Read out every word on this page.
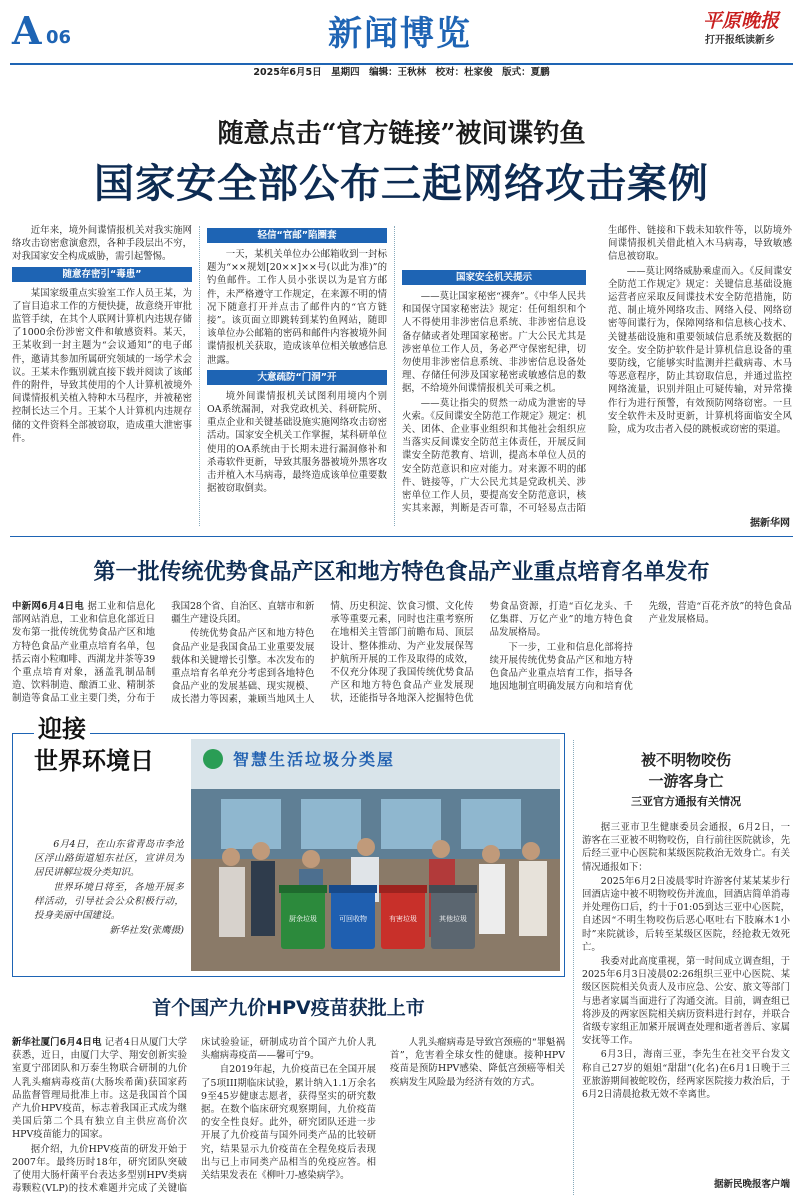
A 06	新闻博览	平原晚报
打开报纸读新乡
2025年6月5日　星期四　编辑：王秋林　校对：杜家俊　版式：夏鹏
随意点击“官方链接”被间谍钓鱼
国家安全部公布三起网络攻击案例

近年来，境外间谍情报机关对我实施网络攻击窃密愈演愈烈，各种手段层出不穷，对我国家安全构成威胁，需引起警惕。

随意存密引“毒患”

某国家级重点实验室工作人员王某，为了盲目追求工作的方便快捷，故意绕开审批监管手续，在其个人联网计算机内违规存储了1000余份涉密文件和敏感资料。某天，王某收到一封主题为“会议通知”的电子邮件，邀请其参加所属研究领域的一场学术会议。王某未作甄别就直接下载并阅读了该邮件的附件，导致其使用的个人计算机被境外间谍情报机关植入特种木马程序，并被秘密控制长达三个月。王某个人计算机内违规存储的文件资料全部被窃取，造成重大泄密事件。

轻信“官邮”陷圈套

一天，某机关单位办公邮箱收到一封标题为“××规划[20××]××号(以此为准)”的钓鱼邮件。工作人员小张误以为是官方邮件，未严格遵守工作规定，在来源不明的情况下随意打开并点击了邮件内的“官方链接”。该页面立即跳转到某钓鱼网站，随即该单位办公邮箱的密码和邮件内容被境外间谍情报机关获取，造成该单位相关敏感信息泄露。

大意疏防“门洞”开

境外间谍情报机关试图利用境内个别OA系统漏洞，对我党政机关、科研院所、重点企业和关键基础设施实施网络攻击窃密活动。国家安全机关工作掌握，某科研单位使用的OA系统由于长期未进行漏洞修补和杀毒软件更新，导致其服务器被境外黑客攻击并植入木马病毒，最终造成该单位重要数据被窃取倒卖。

国家安全机关提示

——莫让国家秘密“裸奔”。《中华人民共和国保守国家秘密法》规定：任何组织和个人不得使用非涉密信息系统、非涉密信息设备存储或者处理国家秘密。广大公民尤其是涉密单位工作人员，务必严守保密纪律，切勿使用非涉密信息系统、非涉密信息设备处理、存储任何涉及国家秘密或敏感信息的数据，不给境外间谍情报机关可乘之机。

——莫让指尖的贸然一动成为泄密的导火索。《反间谍安全防范工作规定》规定：机关、团体、企业事业组织和其他社会组织应当落实反间谍安全防范主体责任，开展反间谍安全防范教育、培训，提高本单位人员的安全防范意识和应对能力。对来源不明的邮件、链接等，广大公民尤其是党政机关、涉密单位工作人员，要提高安全防范意识，核实其来源，判断是否可靠，不可轻易点击陌生邮件、链接和下载未知软件等，以防境外间谍情报机关借此植入木马病毒，导致敏感信息被窃取。

——莫让网络威胁乘虚而入。《反间谍安全防范工作规定》规定：关键信息基础设施运营者应采取反间谍技术安全防范措施，防范、制止境外网络攻击、网络入侵、网络窃密等间谍行为，保障网络和信息核心技术、关键基础设施和重要领域信息系统及数据的安全。安全防护软件是计算机信息设备的重要防线，它能够实时监测并拦截病毒、木马等恶意程序，防止其窃取信息，并通过监控网络流量，识别并阻止可疑传输，对异常操作行为进行预警，有效预防网络窃密。一旦安全软件未及时更新，计算机将面临安全风险，成为攻击者入侵的跳板或窃密的渠道。

据新华网
第一批传统优势食品产区和地方特色食品产业重点培育名单发布

中新网6月4日电 据工业和信息化部网站消息，工业和信息化部近日发布第一批传统优势食品产区和地方特色食品产业重点培育名单，包括云南小粒咖啡、西湖龙井茶等39个重点培育对象，涵盖乳制品制造、饮料制造、酿酒工业、精制茶制造等食品工业主要门类，分布于我国28个省、自治区、直辖市和新疆生产建设兵团。

传统优势食品产区和地方特色食品产业是我国食品工业重要发展载体和关键增长引擎。本次发布的重点培育名单充分考虑到各地特色食品产业的发展基础、现实规模、成长潜力等因素，兼顾当地风土人情、历史积淀、饮食习惯、文化传承等重要元素，同时也注重考察所在地相关主管部门前瞻布局、顶层设计、整体推动、为产业发展保驾护航所开展的工作及取得的成效，不仅充分体现了我国传统优势食品产区和地方特色食品产业发展现状，还能指导各地深入挖掘特色优势食品资源，打造“百亿龙头、千亿集群、万亿产业”的地方特色食品发展格局。

下一步，工业和信息化部将持续开展传统优势食品产区和地方特色食品产业重点培育工作，指导各地因地制宜明确发展方向和培育优先级，营造“百花齐放”的特色食品产业发展格局。

迎接
世界环境日

6月4日，在山东省青岛市李沧区浮山路街道旭东社区，宣讲员为居民讲解垃圾分类知识。

世界环境日将至，各地开展多样活动，引导社会公众积极行动，投身美丽中国建设。

新华社发(张鹰摄)

智慧生活垃圾分类屋
厨余垃圾	可回收物	有害垃圾	其他垃圾
被不明物咬伤
一游客身亡
三亚官方通报有关情况

据三亚市卫生健康委员会通报，6月2日，一游客在三亚被不明物咬伤，自行前往医院就诊，先后经三亚中心医院和某级医院救治无效身亡。有关情况通报如下：

2025年6月2日凌晨零时许游客付某某某步行回酒店途中被不明物咬伤并流血，回酒店简单消毒并处理伤口后，约十于01:05到达三亚中心医院，自述因“不明生物咬伤后恶心呕吐右下肢麻木1小时”来院就诊，后转至某级区医院，经抢救无效死亡。

我委对此高度重视，第一时间成立调查组，于2025年6月3日凌晨02:26组织三亚中心医院、某级区医院相关负责人及市应急、公安、旅文等部门与患者家属当面进行了沟通交流。目前，调查组已将涉及的两家医院相关病历资料进行封存，并联合省级专家组正加紧开展调查处理和逝者善后、家属安抚等工作。

6月3日，海南三亚，李先生在社交平台发文称自己27岁的姐姐“甜甜”(化名)在6月1日晚于三亚旅游期间被蛇咬伤，经两家医院接力救治后，于6月2日清晨抢救无效不幸离世。

据新民晚报客户端
首个国产九价HPV疫苗获批上市

新华社厦门6月4日电 记者4日从厦门大学获悉，近日，由厦门大学、翔安创新实验室夏宁邵团队和万泰生物联合研制的九价人乳头瘤病毒疫苗(大肠埃希菌)获国家药品监督管理局批准上市。这是我国首个国产九价HPV疫苗，标志着我国正式成为继美国后第二个具有独立自主供应高价次HPV疫苗能力的国家。

据介绍，九价HPV疫苗的研发开始于2007年。最终历时18年，研究团队突破了使用大肠杆菌平台表达多型别HPV类病毒颗粒(VLP)的技术难题并完成了关键临床试验验证，研制成功首个国产九价人乳头瘤病毒疫苗——馨可宁9。

自2019年起，九价疫苗已在全国开展了5项III期临床试验，累计纳入1.1万余名9至45岁健康志愿者，获得坚实的研究数据。在数个临床研究观察期间，九价疫苗的安全性良好。此外，研究团队还进一步开展了九价疫苗与国外同类产品的比较研究，结果显示九价疫苗在全程免疫后表现出与已上市同类产品相当的免疫应答。相关结果发表在《柳叶刀-感染病学》。

人乳头瘤病毒是导致宫颈癌的“罪魁祸首”，危害着全球女性的健康。接种HPV疫苗是预防HPV感染、降低宫颈癌等相关疾病发生风险最为经济有效的方式。
